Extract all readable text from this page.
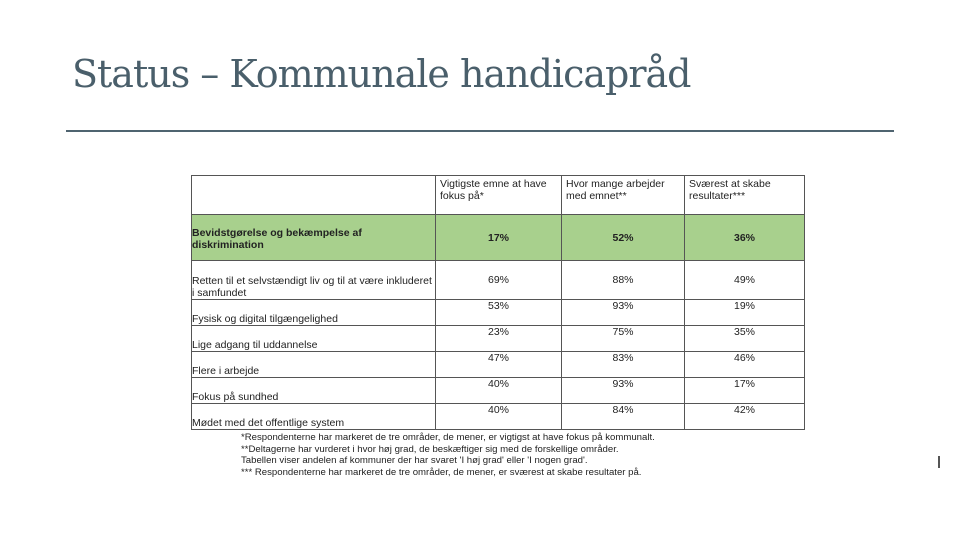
Status – Kommunale handicapråd
	Vigtigste emne at have fokus på*	Hvor mange arbejder med emnet**	Sværest at skabe resultater***
Bevidstgørelse og bekæmpelse af diskrimination	17%	52%	36%
Retten til et selvstændigt liv og til at være inkluderet i samfundet	69%	88%	49%
Fysisk og digital tilgængelighed	53%	93%	19%
Lige adgang til uddannelse	23%	75%	35%
Flere i arbejde	47%	83%	46%
Fokus på sundhed	40%	93%	17%
Mødet med det offentlige system	40%	84%	42%
*Respondenterne har markeret de tre områder, de mener, er vigtigst at have fokus på kommunalt.
**Deltagerne har vurderet i hvor høj grad, de beskæftiger sig med de forskellige områder.
Tabellen viser andelen af kommuner der har svaret 'I høj grad' eller 'I nogen grad'.
*** Respondenterne har markeret de tre områder, de mener, er sværest at skabe resultater på.
